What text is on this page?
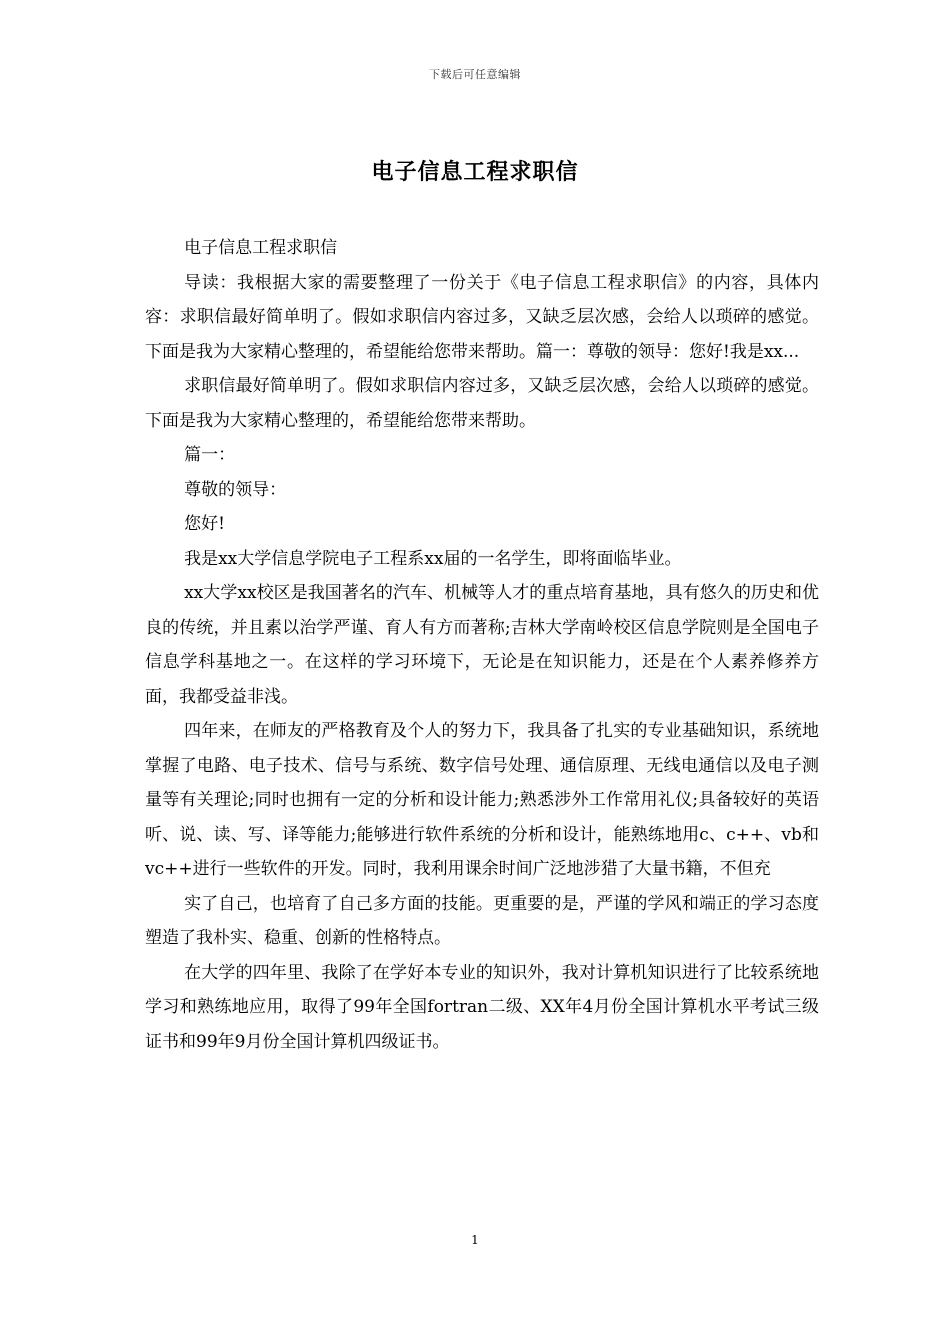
下载后可任意编辑
电子信息工程求职信

电子信息工程求职信

导读：我根据大家的需要整理了一份关于《电子信息工程求职信》的内容，具体内容：求职信最好简单明了。假如求职信内容过多，又缺乏层次感，会给人以琐碎的感觉。下面是我为大家精心整理的，希望能给您带来帮助。篇一：尊敬的领导：您好!我是xx...

求职信最好简单明了。假如求职信内容过多，又缺乏层次感，会给人以琐碎的感觉。下面是我为大家精心整理的，希望能给您带来帮助。

篇一：

尊敬的领导：

您好!

我是xx大学信息学院电子工程系xx届的一名学生，即将面临毕业。

xx大学xx校区是我国著名的汽车、机械等人才的重点培育基地，具有悠久的历史和优良的传统，并且素以治学严谨、育人有方而著称;吉林大学南岭校区信息学院则是全国电子信息学科基地之一。在这样的学习环境下，无论是在知识能力，还是在个人素养修养方面，我都受益非浅。

四年来，在师友的严格教育及个人的努力下，我具备了扎实的专业基础知识，系统地掌握了电路、电子技术、信号与系统、数字信号处理、通信原理、无线电通信以及电子测量等有关理论;同时也拥有一定的分析和设计能力;熟悉涉外工作常用礼仪;具备较好的英语听、说、读、写、译等能力;能够进行软件系统的分析和设计，能熟练地用c、c++、vb和vc++进行一些软件的开发。同时，我利用课余时间广泛地涉猎了大量书籍，不但充

实了自己，也培育了自己多方面的技能。更重要的是，严谨的学风和端正的学习态度塑造了我朴实、稳重、创新的性格特点。

在大学的四年里、我除了在学好本专业的知识外，我对计算机知识进行了比较系统地学习和熟练地应用，取得了99年全国fortran二级、XX年4月份全国计算机水平考试三级证书和99年9月份全国计算机四级证书。

1
